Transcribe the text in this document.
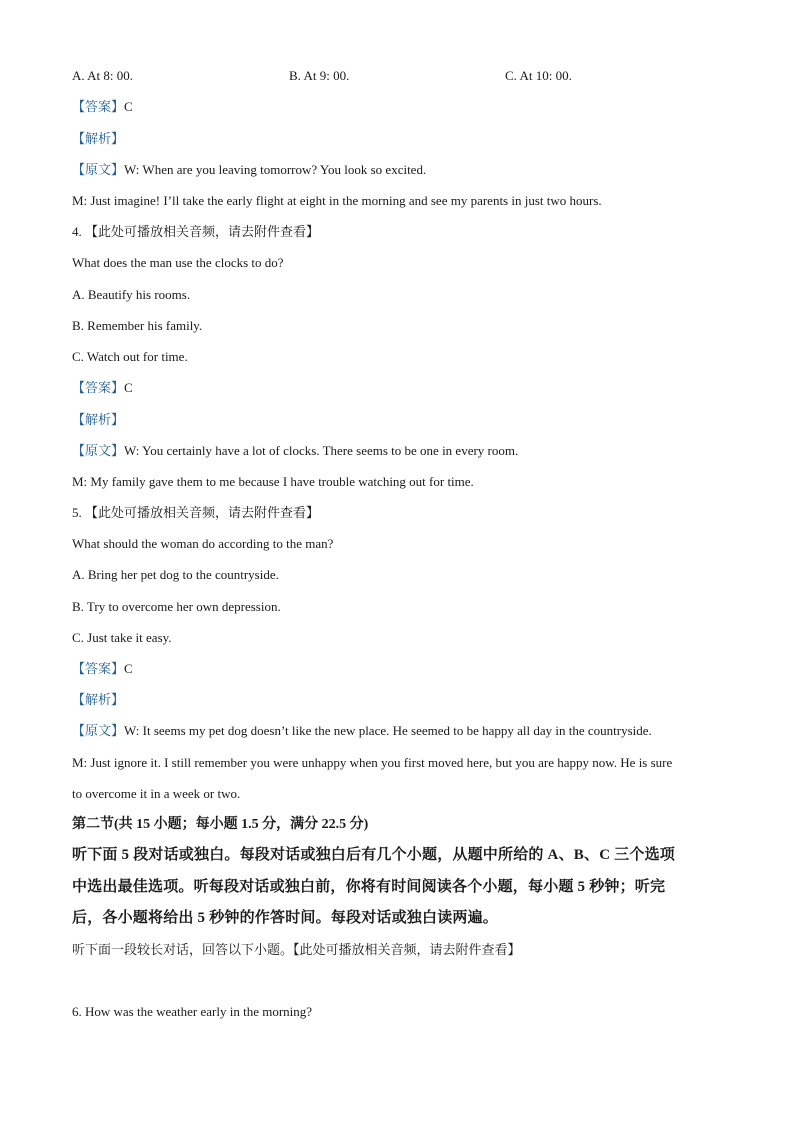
A. At 8: 00.	B. At 9: 00.	C. At 10: 00.
【答案】C
【解析】
【原文】W: When are you leaving tomorrow? You look so excited.
M: Just imagine! I’ll take the early flight at eight in the morning and see my parents in just two hours.
4. 【此处可播放相关音频，请去附件查看】
What does the man use the clocks to do?
A. Beautify his rooms.
B. Remember his family.
C. Watch out for time.
【答案】C
【解析】
【原文】W: You certainly have a lot of clocks. There seems to be one in every room.
M: My family gave them to me because I have trouble watching out for time.
5. 【此处可播放相关音频，请去附件查看】
What should the woman do according to the man?
A. Bring her pet dog to the countryside.
B. Try to overcome her own depression.
C. Just take it easy.
【答案】C
【解析】
【原文】W: It seems my pet dog doesn’t like the new place. He seemed to be happy all day in the countryside.
M: Just ignore it. I still remember you were unhappy when you first moved here, but you are happy now. He is sure
to overcome it in a week or two.
第二节(共 15 小题；每小题 1.5 分，满分 22.5 分)
听下面 5 段对话或独白。每段对话或独白后有几个小题，从题中所给的 A、B、C 三个选项
中选出最佳选项。听每段对话或独白前，你将有时间阅读各个小题，每小题 5 秒钟；听完
后，各小题将给出 5 秒钟的作答时间。每段对话或独白读两遍。
听下面一段较长对话，回答以下小题。【此处可播放相关音频，请去附件查看】
6. How was the weather early in the morning?
